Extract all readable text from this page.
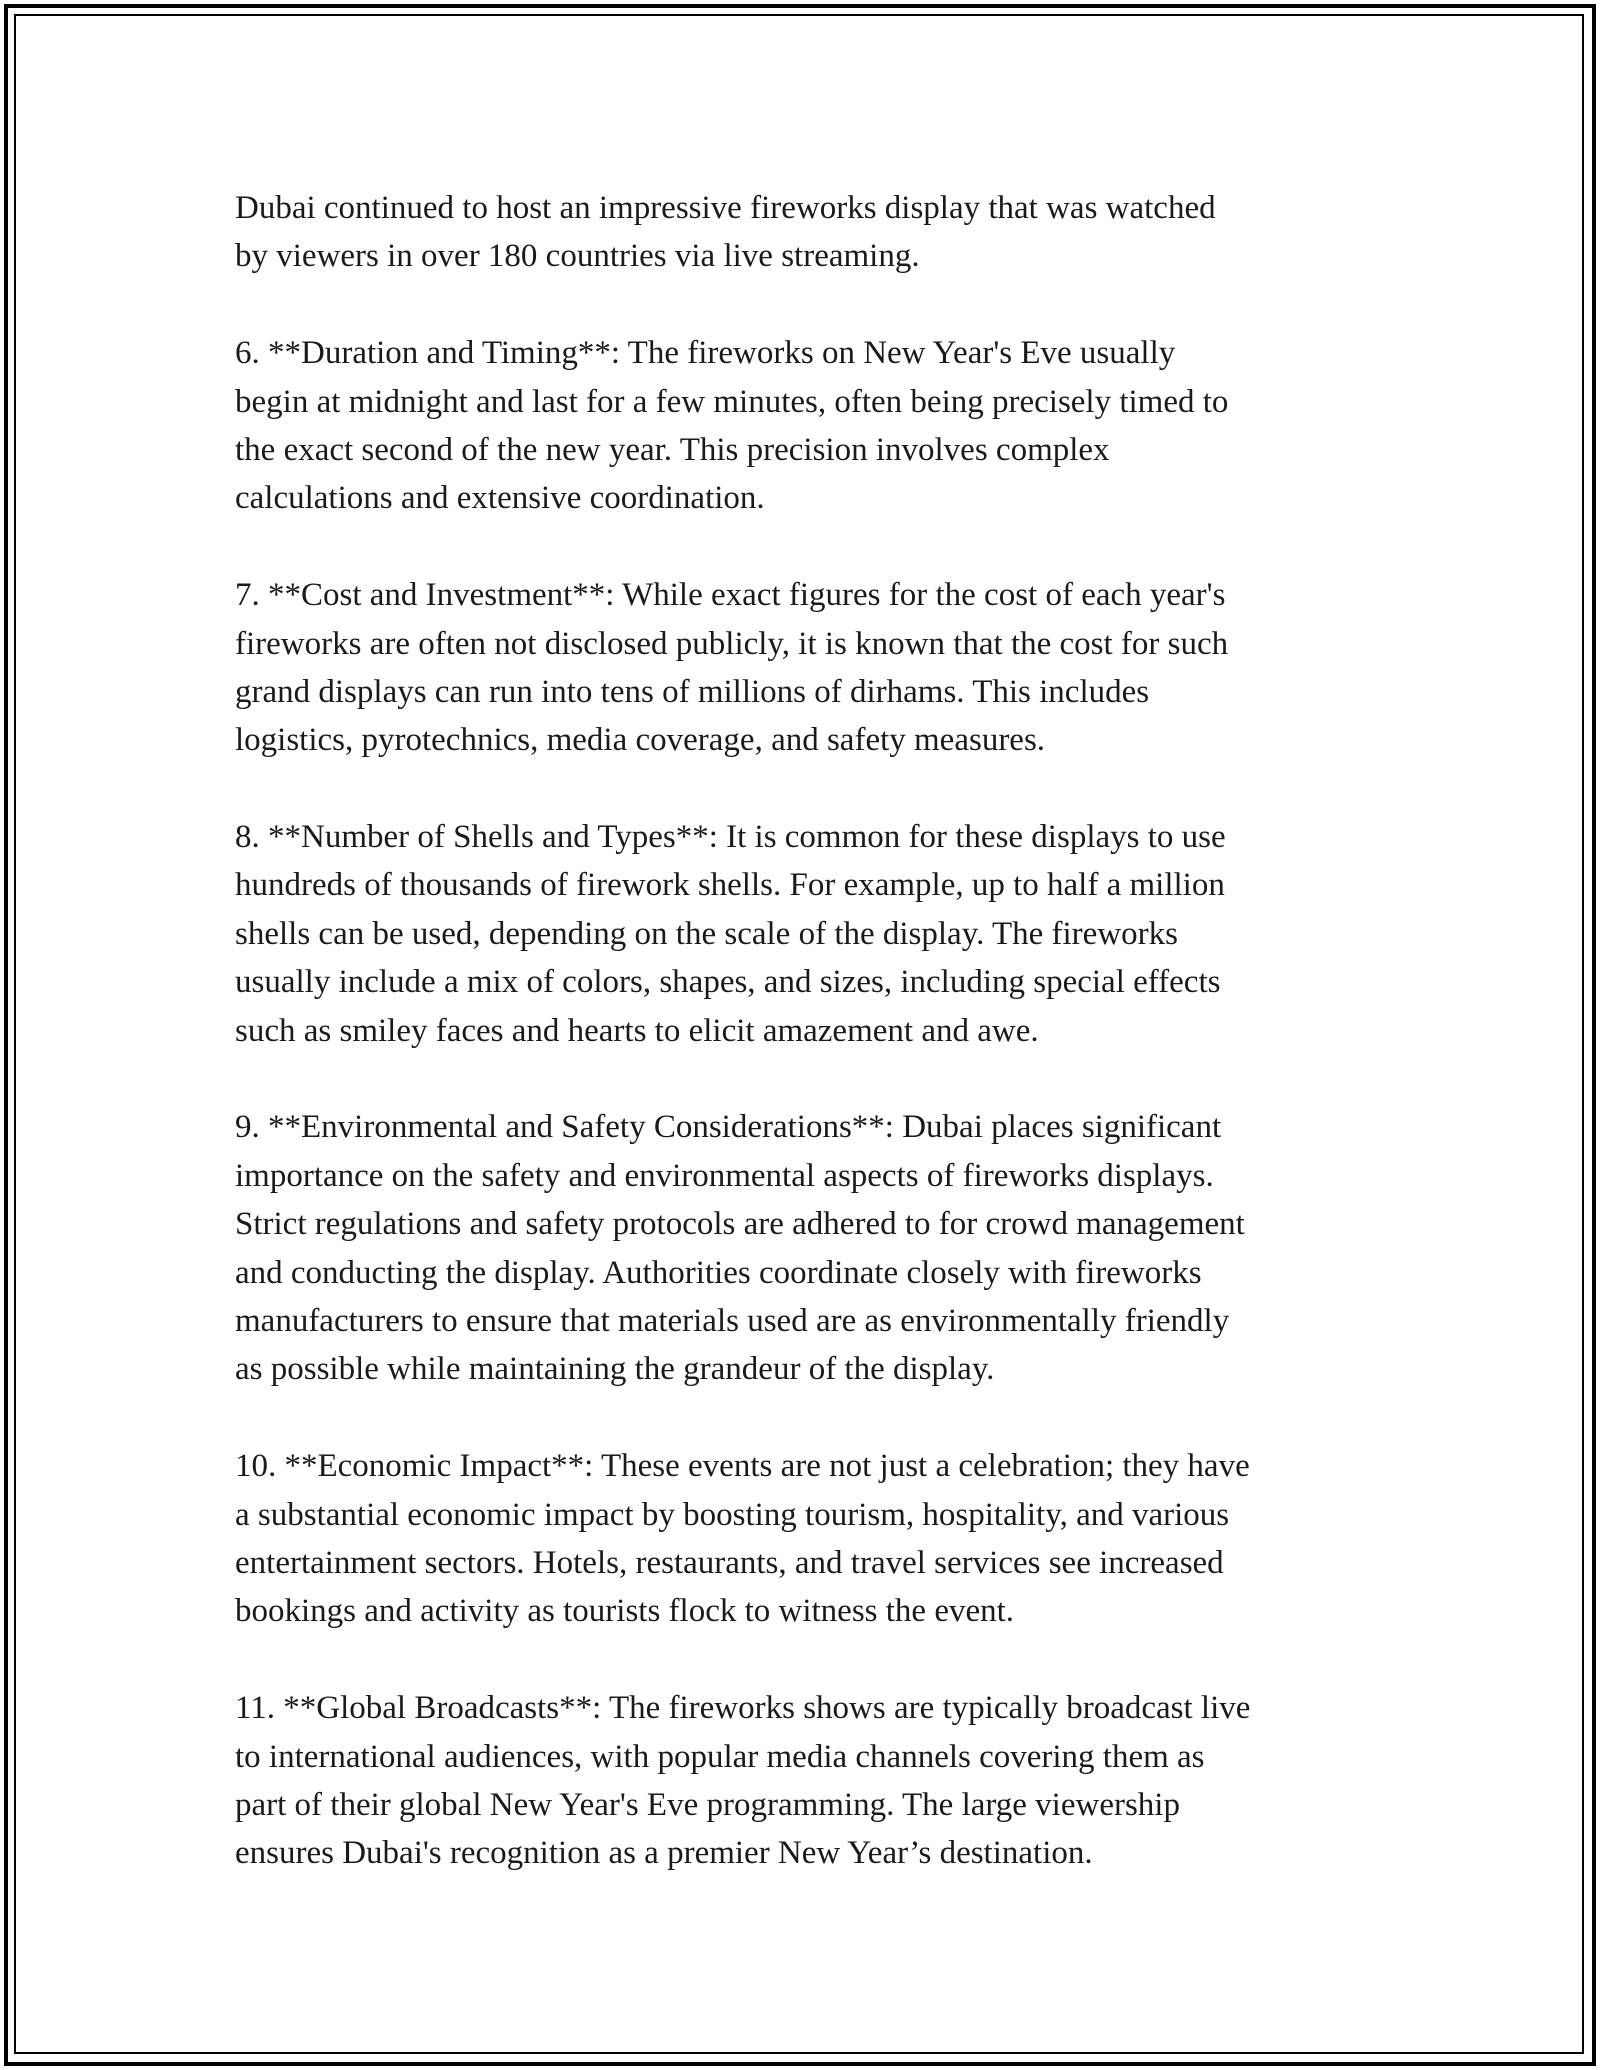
Dubai continued to host an impressive fireworks display that was watched
by viewers in over 180 countries via live streaming.

6. **Duration and Timing**: The fireworks on New Year's Eve usually
begin at midnight and last for a few minutes, often being precisely timed to
the exact second of the new year. This precision involves complex
calculations and extensive coordination.

7. **Cost and Investment**: While exact figures for the cost of each year's
fireworks are often not disclosed publicly, it is known that the cost for such
grand displays can run into tens of millions of dirhams. This includes
logistics, pyrotechnics, media coverage, and safety measures.

8. **Number of Shells and Types**: It is common for these displays to use
hundreds of thousands of firework shells. For example, up to half a million
shells can be used, depending on the scale of the display. The fireworks
usually include a mix of colors, shapes, and sizes, including special effects
such as smiley faces and hearts to elicit amazement and awe.

9. **Environmental and Safety Considerations**: Dubai places significant
importance on the safety and environmental aspects of fireworks displays.
Strict regulations and safety protocols are adhered to for crowd management
and conducting the display. Authorities coordinate closely with fireworks
manufacturers to ensure that materials used are as environmentally friendly
as possible while maintaining the grandeur of the display.

10. **Economic Impact**: These events are not just a celebration; they have
a substantial economic impact by boosting tourism, hospitality, and various
entertainment sectors. Hotels, restaurants, and travel services see increased
bookings and activity as tourists flock to witness the event.

11. **Global Broadcasts**: The fireworks shows are typically broadcast live
to international audiences, with popular media channels covering them as
part of their global New Year's Eve programming. The large viewership
ensures Dubai's recognition as a premier New Year’s destination.
